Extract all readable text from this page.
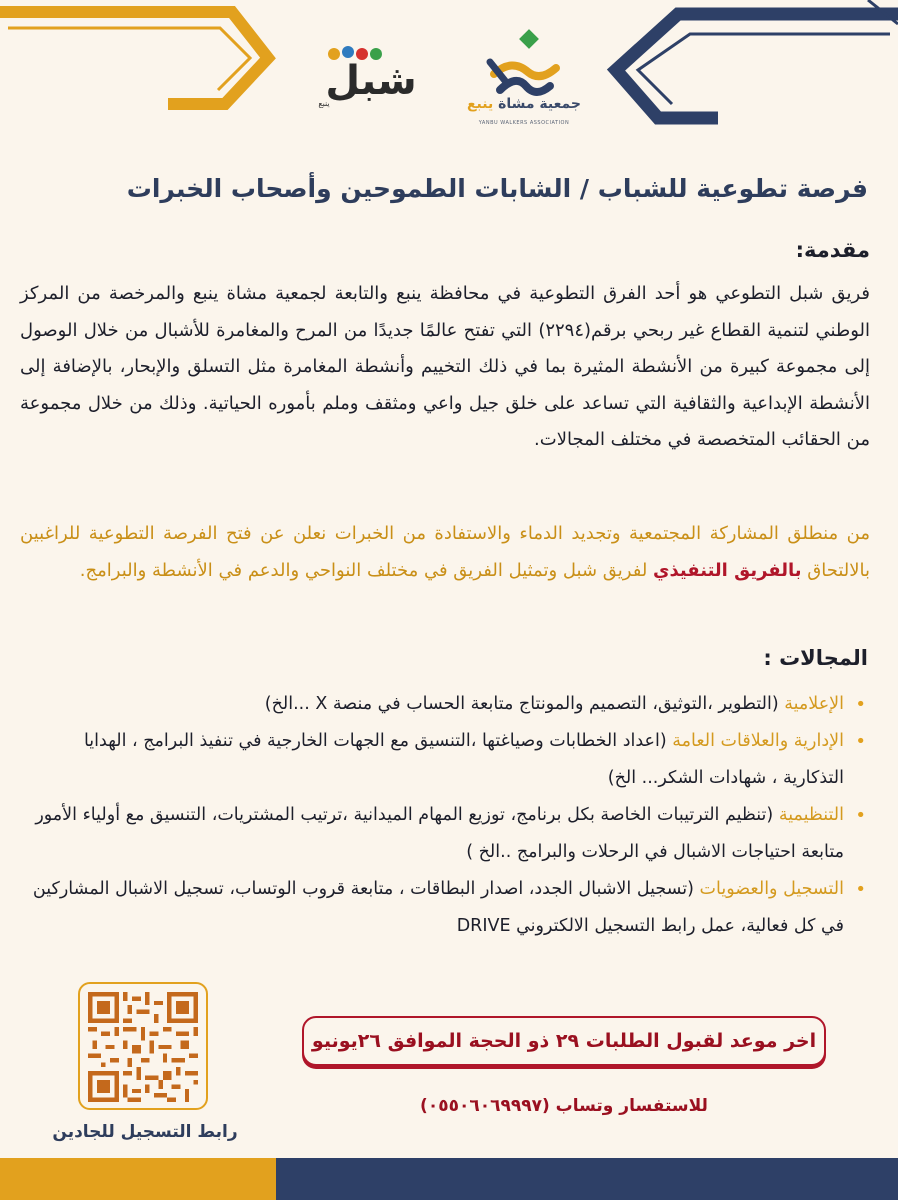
شبل
ينبع	جمعية مشاة ينبع
YANBU WALKERS ASSOCIATION
فرصة تطوعية للشباب / الشابات الطموحين وأصحاب الخبرات
مقدمة:

فريق شبل التطوعي هو أحد الفرق التطوعية في محافظة ينبع والتابعة لجمعية مشاة ينبع والمرخصة من المركز الوطني لتنمية القطاع غير ربحي برقم(٢٢٩٤) التي تفتح عالمًا جديدًا من المرح والمغامرة للأشبال من خلال الوصول إلى مجموعة كبيرة من الأنشطة المثيرة بما في ذلك التخييم وأنشطة المغامرة مثل التسلق والإبحار، بالإضافة إلى الأنشطة الإبداعية والثقافية التي تساعد على خلق جيل واعي ومثقف وملم بأموره الحياتية. وذلك من خلال مجموعة من الحقائب المتخصصة في مختلف المجالات.

من منطلق المشاركة المجتمعية وتجديد الدماء والاستفادة من الخبرات نعلن عن فتح الفرصة التطوعية للراغبين بالالتحاق بالفريق التنفيذي لفريق شبل وتمثيل الفريق في مختلف النواحي والدعم في الأنشطة والبرامج.

المجالات :
• الإعلامية (التطوير ،التوثيق، التصميم والمونتاج متابعة الحساب في منصة X ...الخ)
• الإدارية والعلاقات العامة (اعداد الخطابات وصياغتها ،التنسيق مع الجهات الخارجية في تنفيذ البرامج ، الهدايا التذكارية ، شهادات الشكر... الخ)
• التنظيمية (تنظيم الترتيبات الخاصة بكل برنامج، توزيع المهام الميدانية ،ترتيب المشتريات، التنسيق مع أولياء الأمور متابعة احتياجات الاشبال في الرحلات والبرامج ..الخ )
• التسجيل والعضويات (تسجيل الاشبال الجدد، اصدار البطاقات ، متابعة قروب الوتساب، تسجيل الاشبال المشاركين في كل فعالية، عمل رابط التسجيل الالكتروني DRIVE
اخر موعد لقبول الطلبات ٢٩ ذو الحجة الموافق ٢٦يونيو
للاستفسار وتساب (٠٥٥٠٦٠٦٩٩٩٧)
رابط التسجيل للجادين
